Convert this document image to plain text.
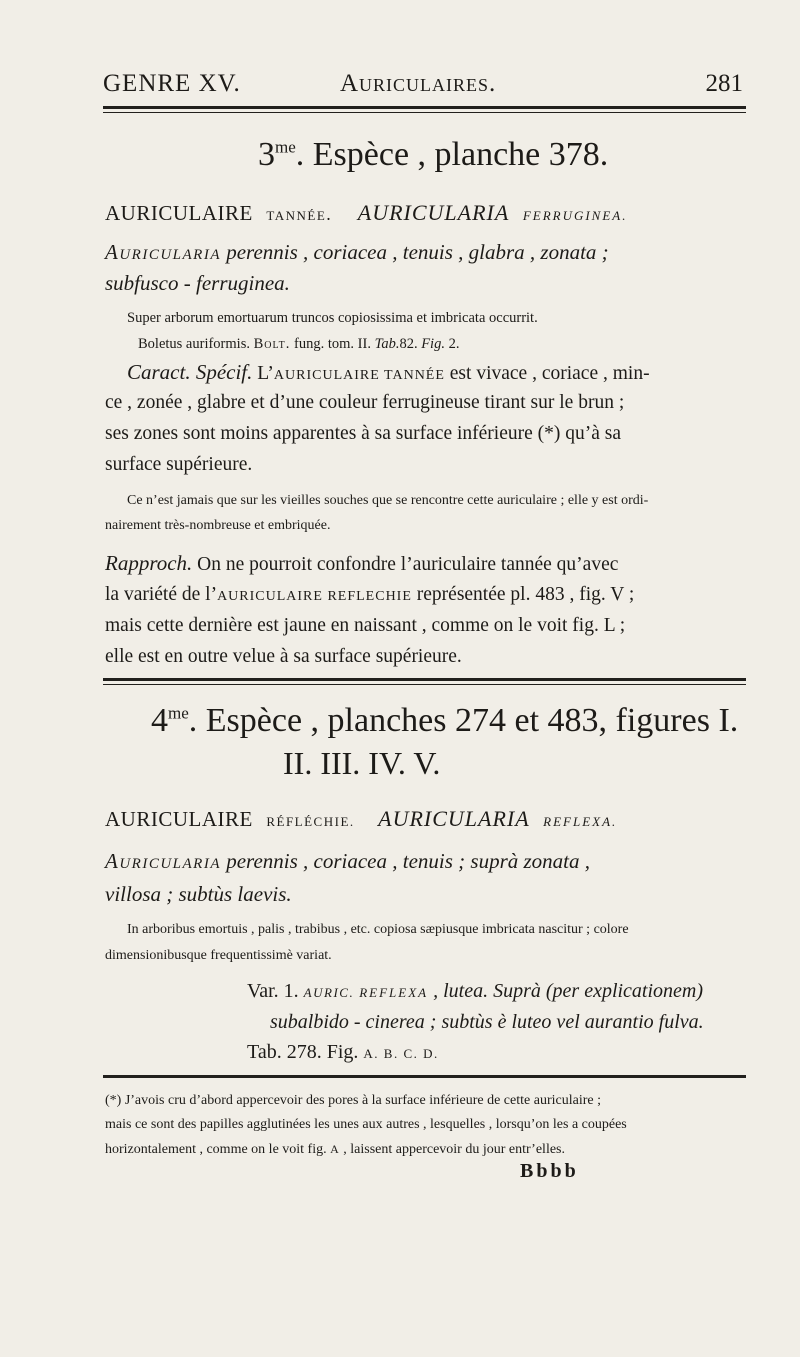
GENRE XV.	Auriculaires.	281
$3^{me}$. Espèce , planche 378.
AURICULAIRE tannée. AURICULARIA FERRUGINEA.
Auricularia perennis , coriacea , tenuis , glabra , zonata ;
subfusco - ferruginea.
Super arborum emortuarum truncos copiosissima et imbricata occurrit.
Boletus auriformis. Bolt. fung. tom. II. Tab.82. Fig. 2.
Caract. Spécif. L’AURICULAIRE TANNÉE est vivace , coriace , min-
ce , zonée , glabre et d’une couleur ferrugineuse tirant sur le brun ;
ses zones sont moins apparentes à sa surface inférieure (*) qu’à sa
surface supérieure.
Ce n’est jamais que sur les vieilles souches que se rencontre cette auriculaire ; elle y est ordi-
nairement très-nombreuse et embriquée.
Rapproch. On ne pourroit confondre l’auriculaire tannée qu’avec
la variété de l’AURICULAIRE REFLECHIE représentée pl. 483 , fig. V ;
mais cette dernière est jaune en naissant , comme on le voit fig. L ;
elle est en outre velue à sa surface supérieure.
$4^{me}$. Espèce , planches 274 et 483, figures I.
II. III. IV. V.
AURICULAIRE RÉFLÉCHIE. AURICULARIA REFLEXA.
Auricularia perennis , coriacea , tenuis ; suprà zonata ,
villosa ; subtùs laevis.
In arboribus emortuis , palis , trabibus , etc. copiosa sæpiusque imbricata nascitur ; colore
dimensionibusque frequentissimè variat.
Var. 1. AURIC. REFLEXA , lutea. Suprà (per explicationem)
subalbido - cinerea ; subtùs è luteo vel aurantio fulva.
Tab. 278. Fig. A. B. C. D.
(*) J’avois cru d’abord appercevoir des pores à la surface inférieure de cette auriculaire ;
mais ce sont des papilles agglutinées les unes aux autres , lesquelles , lorsqu’on les a coupées
horizontalement , comme on le voit fig. A , laissent appercevoir du jour entr’elles.
Bbbb
